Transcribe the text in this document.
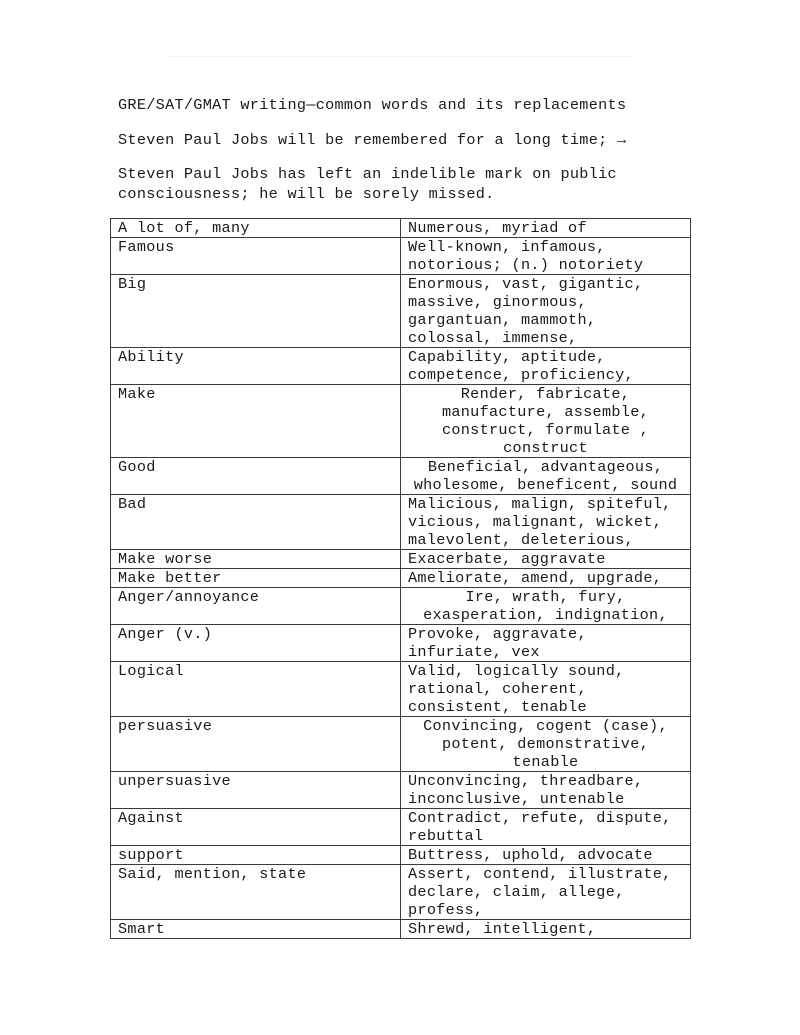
GRE/SAT/GMAT writing—common words and its replacements

Steven Paul Jobs will be remembered for a long time; →

Steven Paul Jobs has left an indelible mark on public
consciousness; he will be sorely missed.

A lot of, many	Numerous, myriad of
Famous	Well-known, infamous,
notorious; (n.) notoriety
Big	Enormous, vast, gigantic,
massive, ginormous,
gargantuan, mammoth,
colossal, immense,
Ability	Capability, aptitude,
competence, proficiency,
Make	Render, fabricate,
manufacture, assemble,
construct, formulate ,
construct
Good	Beneficial, advantageous,
wholesome, beneficent, sound
Bad	Malicious, malign, spiteful,
vicious, malignant, wicket,
malevolent, deleterious,
Make worse	Exacerbate, aggravate
Make better	Ameliorate, amend, upgrade,
Anger/annoyance	Ire, wrath, fury,
exasperation, indignation,
Anger (v.)	Provoke, aggravate,
infuriate, vex
Logical	Valid, logically sound,
rational, coherent,
consistent, tenable
persuasive	Convincing, cogent (case),
potent, demonstrative,
tenable
unpersuasive	Unconvincing, threadbare,
inconclusive, untenable
Against	Contradict, refute, dispute,
rebuttal
support	Buttress, uphold, advocate
Said, mention, state	Assert, contend, illustrate,
declare, claim, allege,
profess,
Smart	Shrewd, intelligent,
